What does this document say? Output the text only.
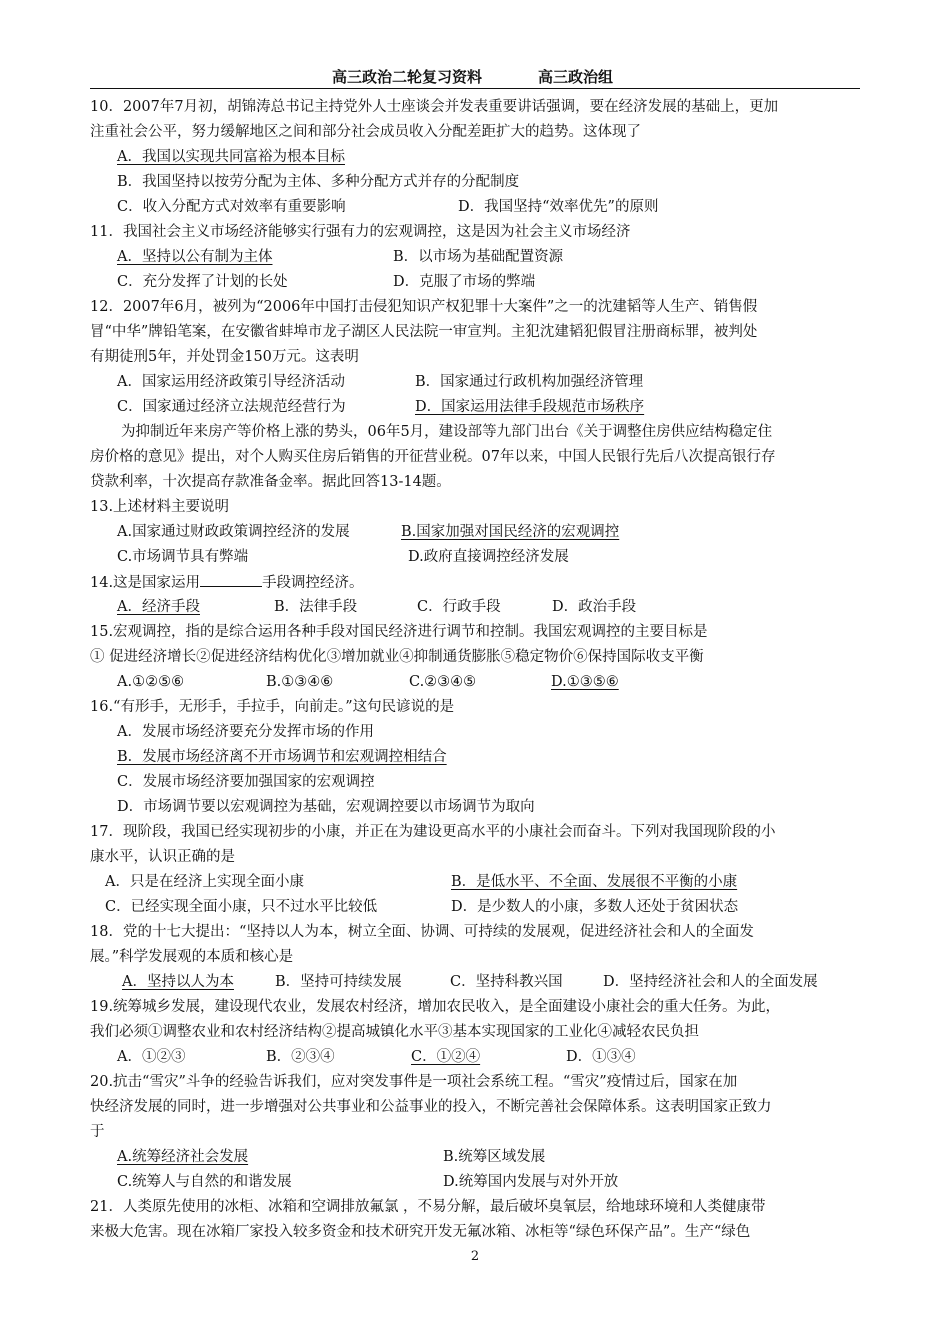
高三政治二轮复习资料	高三政治组
10．2007年7月初，胡锦涛总书记主持党外人士座谈会并发表重要讲话强调，要在经济发展的基础上，更加
注重社会公平，努力缓解地区之间和部分社会成员收入分配差距扩大的趋势。这体现了
A．我国以实现共同富裕为根本目标
B．我国坚持以按劳分配为主体、多种分配方式并存的分配制度
C．收入分配方式对效率有重要影响	D．我国坚持“效率优先”的原则
11．我国社会主义市场经济能够实行强有力的宏观调控，这是因为社会主义市场经济
A．坚持以公有制为主体	B．以市场为基础配置资源
C．充分发挥了计划的长处	D．克服了市场的弊端
12．2007年6月，被列为“2006年中国打击侵犯知识产权犯罪十大案件”之一的沈建韬等人生产、销售假
冒“中华”牌铅笔案，在安徽省蚌埠市龙子湖区人民法院一审宣判。主犯沈建韬犯假冒注册商标罪，被判处
有期徒刑5年，并处罚金150万元。这表明
A．国家运用经济政策引导经济活动	B．国家通过行政机构加强经济管理
C．国家通过经济立法规范经营行为	D．国家运用法律手段规范市场秩序
为抑制近年来房产等价格上涨的势头，06年5月，建设部等九部门出台《关于调整住房供应结构稳定住
房价格的意见》提出，对个人购买住房后销售的开征营业税。07年以来，中国人民银行先后八次提高银行存
贷款利率，十次提高存款准备金率。据此回答13-14题。
13.上述材料主要说明
A.国家通过财政政策调控经济的发展	B.国家加强对国民经济的宏观调控
C.市场调节具有弊端	D.政府直接调控经济发展
14.这是国家运用	手段调控经济。
A．经济手段	B．法律手段	C．行政手段	D．政治手段
15.宏观调控，指的是综合运用各种手段对国民经济进行调节和控制。我国宏观调控的主要目标是
① 促进经济增长②促进经济结构优化③增加就业④抑制通货膨胀⑤稳定物价⑥保持国际收支平衡
A.①②⑤⑥	B.①③④⑥	C.②③④⑤	D.①③⑤⑥
16.“有形手，无形手，手拉手，向前走。”这句民谚说的是
A．发展市场经济要充分发挥市场的作用
B．发展市场经济离不开市场调节和宏观调控相结合
C．发展市场经济要加强国家的宏观调控
D．市场调节要以宏观调控为基础，宏观调控要以市场调节为取向
17．现阶段，我国已经实现初步的小康，并正在为建设更高水平的小康社会而奋斗。下列对我国现阶段的小
康水平，认识正确的是
A．只是在经济上实现全面小康	B．是低水平、不全面、发展很不平衡的小康
C．已经实现全面小康，只不过水平比较低	D．是少数人的小康，多数人还处于贫困状态
18．党的十七大提出：“坚持以人为本，树立全面、协调、可持续的发展观，促进经济社会和人的全面发
展。”科学发展观的本质和核心是
A．坚持以人为本	B．坚持可持续发展	C．坚持科教兴国	D．坚持经济社会和人的全面发展
19.统筹城乡发展，建设现代农业，发展农村经济，增加农民收入，是全面建设小康社会的重大任务。为此，
我们必须①调整农业和农村经济结构②提高城镇化水平③基本实现国家的工业化④减轻农民负担
A．①②③	B．②③④	C．①②④	D．①③④
20.抗击“雪灾”斗争的经验告诉我们，应对突发事件是一项社会系统工程。“雪灾”疫情过后，国家在加
快经济发展的同时，进一步增强对公共事业和公益事业的投入，不断完善社会保障体系。这表明国家正致力
于
A.统筹经济社会发展	B.统筹区域发展
C.统筹人与自然的和谐发展	D.统筹国内发展与对外开放
21．人类原先使用的冰柜、冰箱和空调排放氟氯 ，不易分解，最后破坏臭氧层，给地球环境和人类健康带
来极大危害。现在冰箱厂家投入较多资金和技术研究开发无氟冰箱、冰柜等“绿色环保产品”。生产“绿色
2
